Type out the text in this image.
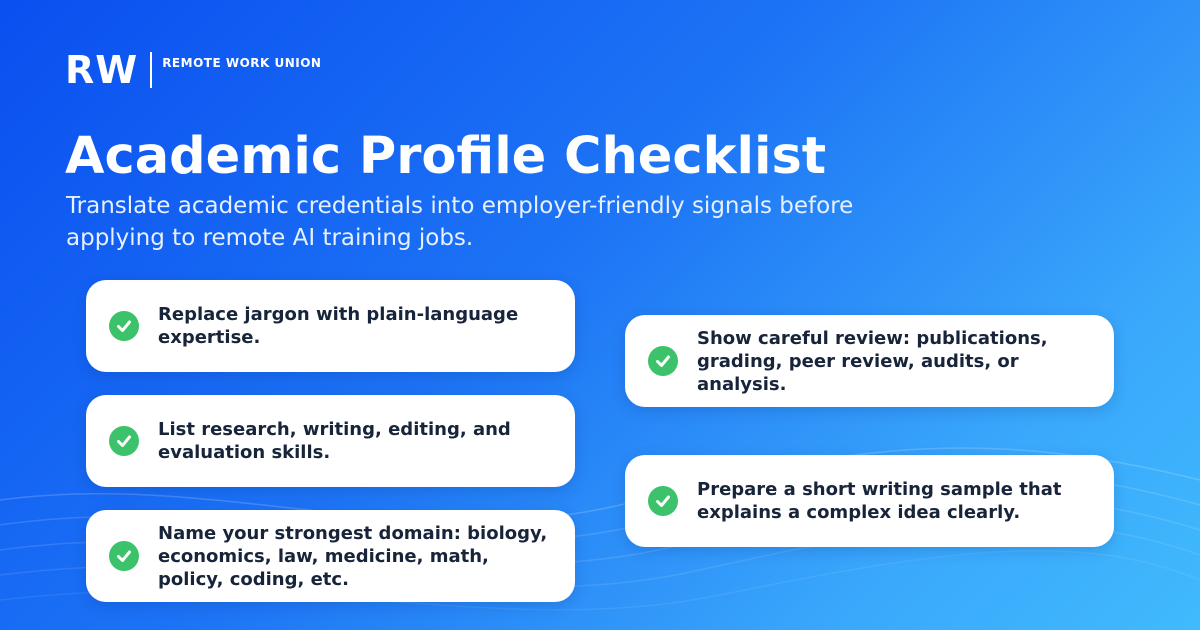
RW REMOTE WORK UNION
Academic Profile Checklist

Translate academic credentials into employer-friendly signals before applying to remote AI training jobs.

Replace jargon with plain-language expertise.
List research, writing, editing, and evaluation skills.
Name your strongest domain: biology, economics, law, medicine, math, policy, coding, etc.
Show careful review: publications, grading, peer review, audits, or analysis.
Prepare a short writing sample that explains a complex idea clearly.
